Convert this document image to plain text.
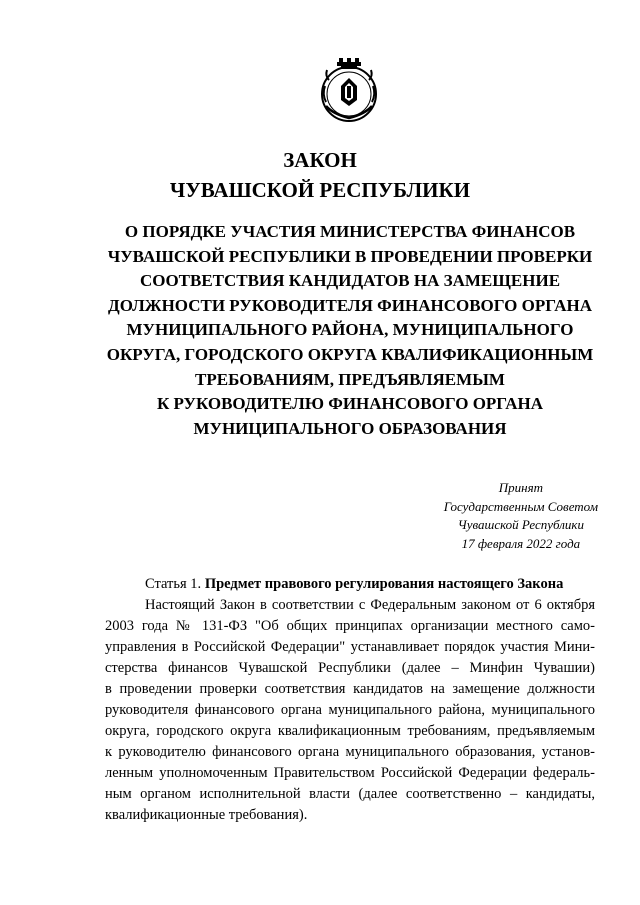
ЗАКОН
ЧУВАШСКОЙ РЕСПУБЛИКИ
О ПОРЯДКЕ УЧАСТИЯ МИНИСТЕРСТВА ФИНАНСОВ
ЧУВАШСКОЙ РЕСПУБЛИКИ В ПРОВЕДЕНИИ ПРОВЕРКИ
СООТВЕТСТВИЯ КАНДИДАТОВ НА ЗАМЕЩЕНИЕ
ДОЛЖНОСТИ РУКОВОДИТЕЛЯ ФИНАНСОВОГО ОРГАНА
МУНИЦИПАЛЬНОГО РАЙОНА, МУНИЦИПАЛЬНОГО
ОКРУГА, ГОРОДСКОГО ОКРУГА КВАЛИФИКАЦИОННЫМ
ТРЕБОВАНИЯМ, ПРЕДЪЯВЛЯЕМЫМ
К РУКОВОДИТЕЛЮ ФИНАНСОВОГО ОРГАНА
МУНИЦИПАЛЬНОГО ОБРАЗОВАНИЯ
Принят
Государственным Советом
Чувашской Республики
17 февраля 2022 года
Статья 1. Предмет правового регулирования настоящего Закона
Настоящий Закон в соответствии с Федеральным законом от 6 октября
2003 года № 131-ФЗ "Об общих принципах организации местного само-
управления в Российской Федерации" устанавливает порядок участия Мини-
стерства финансов Чувашской Республики (далее – Минфин Чувашии)
в проведении проверки соответствия кандидатов на замещение должности
руководителя финансового органа муниципального района, муниципального
округа, городского округа квалификационным требованиям, предъявляемым
к руководителю финансового органа муниципального образования, установ-
ленным уполномоченным Правительством Российской Федерации федераль-
ным органом исполнительной власти (далее соответственно – кандидаты,
квалификационные требования).
